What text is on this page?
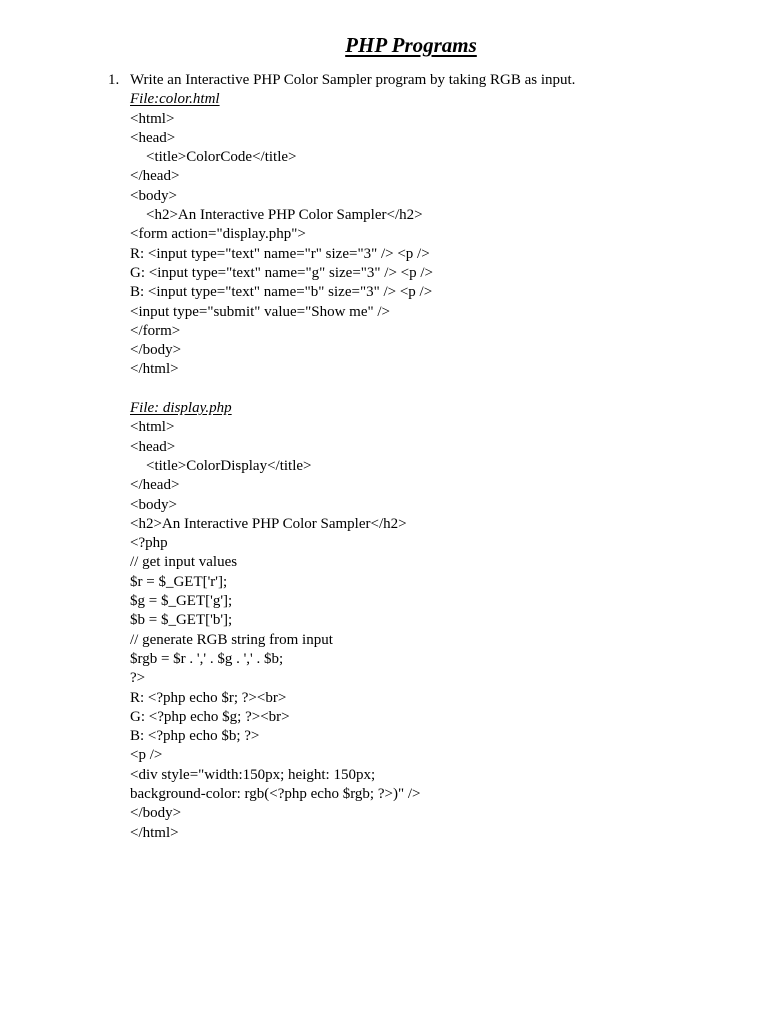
PHP Programs
1. Write an Interactive PHP Color Sampler program by taking RGB as input.
File:color.html
<html>
<head>
<title>ColorCode</title>
</head>
<body>
<h2>An Interactive PHP Color Sampler</h2>
<form action="display.php">
R: <input type="text" name="r" size="3" /> <p />
G: <input type="text" name="g" size="3" /> <p />
B: <input type="text" name="b" size="3" /> <p />
<input type="submit" value="Show me" />
</form>
</body>
</html>
File: display.php
<html>
<head>
<title>ColorDisplay</title>
</head>
<body>
<h2>An Interactive PHP Color Sampler</h2>
<?php
// get input values
$r = $_GET['r'];
$g = $_GET['g'];
$b = $_GET['b'];
// generate RGB string from input
$rgb = $r . ',' . $g . ',' . $b;
?>
R: <?php echo $r; ?><br>
G: <?php echo $g; ?><br>
B: <?php echo $b; ?>
<p />
<div style="width:150px; height: 150px;
background-color: rgb(<?php echo $rgb; ?>)" />
</body>
</html>
